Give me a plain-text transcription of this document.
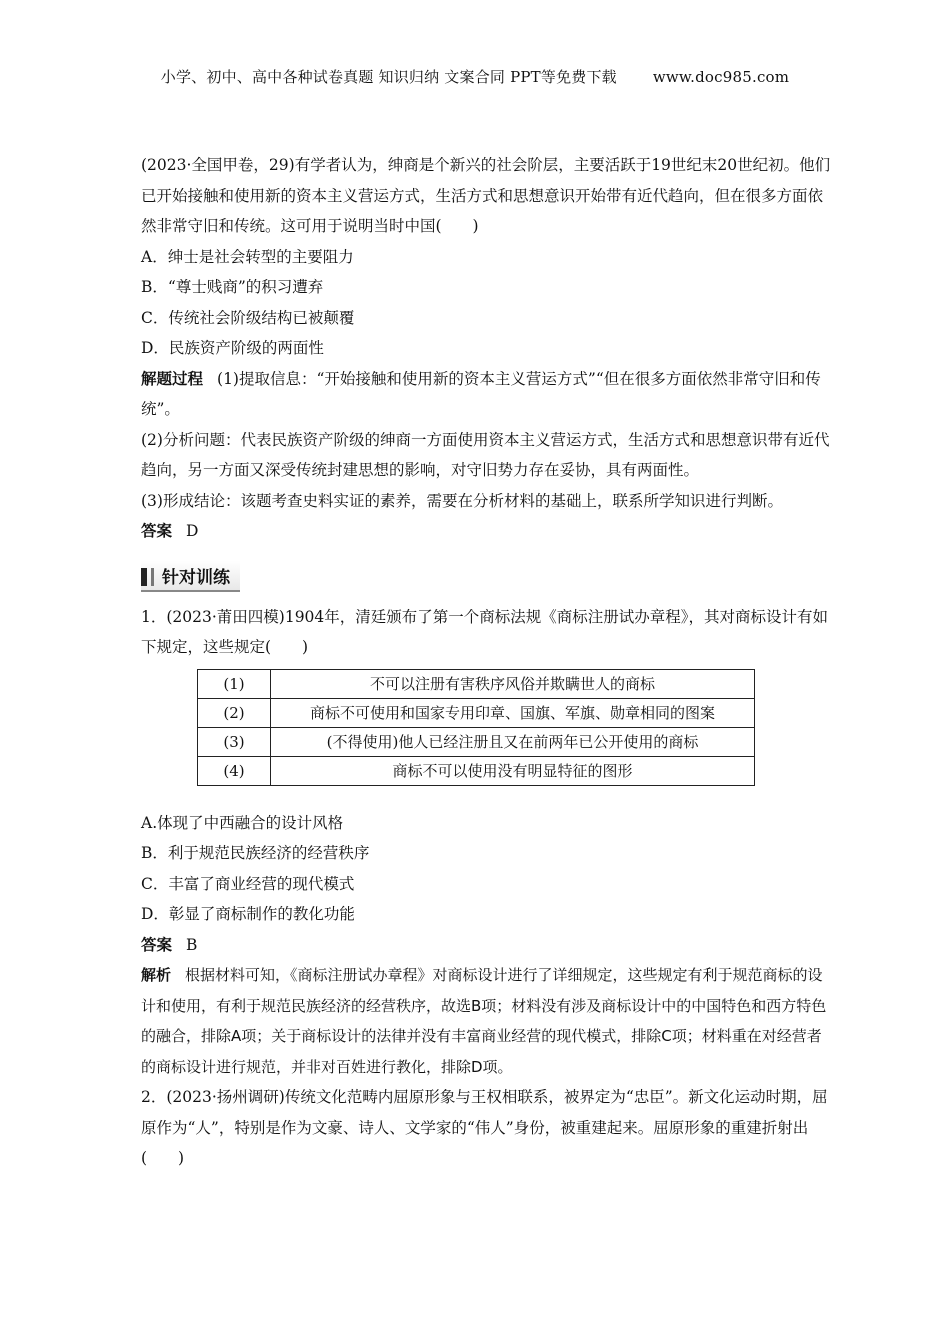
小学、初中、高中各种试卷真题 知识归纳 文案合同 PPT等免费下载 www.doc985.com

(2023·全国甲卷，29)有学者认为，绅商是个新兴的社会阶层，主要活跃于19世纪末20世纪初。他们已开始接触和使用新的资本主义营运方式，生活方式和思想意识开始带有近代趋向，但在很多方面依然非常守旧和传统。这可用于说明当时中国(　　)

A．绅士是社会转型的主要阻力

B．“尊士贱商”的积习遭弃

C．传统社会阶级结构已被颠覆

D．民族资产阶级的两面性

解题过程 (1)提取信息：“开始接触和使用新的资本主义营运方式”“但在很多方面依然非常守旧和传统”。

(2)分析问题：代表民族资产阶级的绅商一方面使用资本主义营运方式，生活方式和思想意识带有近代趋向，另一方面又深受传统封建思想的影响，对守旧势力存在妥协，具有两面性。

(3)形成结论：该题考查史料实证的素养，需要在分析材料的基础上，联系所学知识进行判断。

答案 D

针对训练

1．(2023·莆田四模)1904年，清廷颁布了第一个商标法规《商标注册试办章程》，其对商标设计有如下规定，这些规定(　　)

(1)	不可以注册有害秩序风俗并欺瞒世人的商标
(2)	商标不可使用和国家专用印章、国旗、军旗、勋章相同的图案
(3)	(不得使用)他人已经注册且又在前两年已公开使用的商标
(4)	商标不可以使用没有明显特征的图形

A.体现了中西融合的设计风格

B．利于规范民族经济的经营秩序

C．丰富了商业经营的现代模式

D．彰显了商标制作的教化功能

答案 B

解析 根据材料可知，《商标注册试办章程》对商标设计进行了详细规定，这些规定有利于规范商标的设计和使用，有利于规范民族经济的经营秩序，故选B项；材料没有涉及商标设计中的中国特色和西方特色的融合，排除A项；关于商标设计的法律并没有丰富商业经营的现代模式，排除C项；材料重在对经营者的商标设计进行规范，并非对百姓进行教化，排除D项。

2．(2023·扬州调研)传统文化范畴内屈原形象与王权相联系，被界定为“忠臣”。新文化运动时期，屈原作为“人”，特别是作为文豪、诗人、文学家的“伟人”身份，被重建起来。屈原形象的重建折射出(　　)
